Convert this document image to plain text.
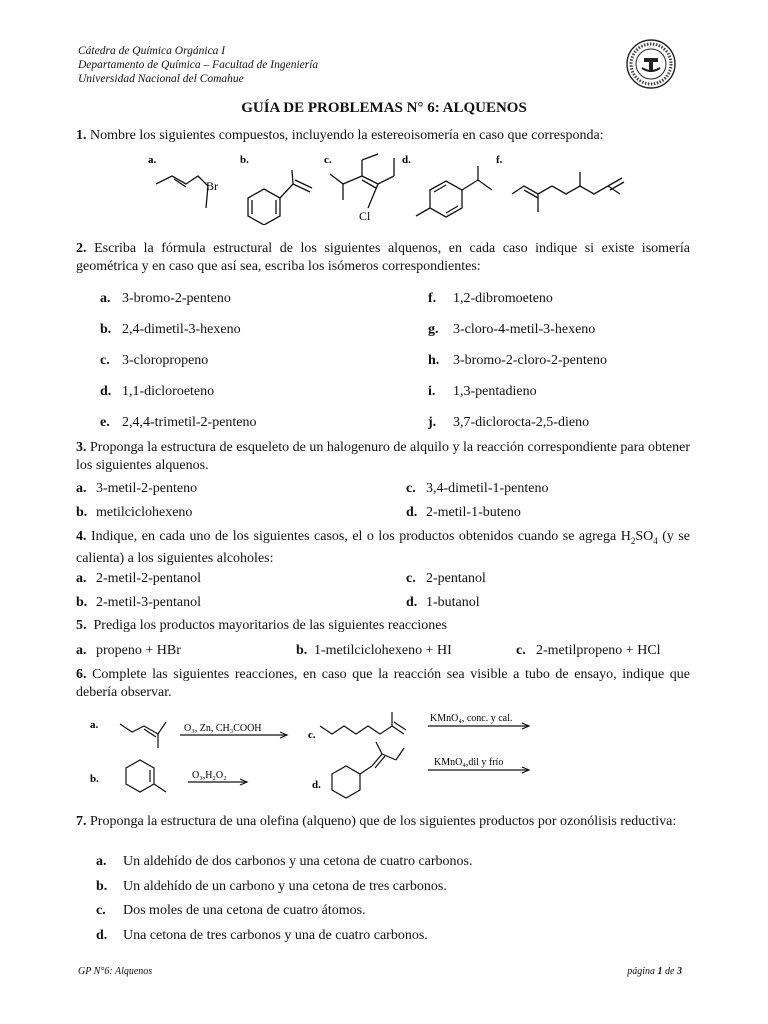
Cátedra de Química Orgánica I
Departamento de Química – Facultad de Ingeniería
Universidad Nacional del Comahue
GUÍA DE PROBLEMAS N° 6: ALQUENOS
1. Nombre los siguientes compuestos, incluyendo la estereoisomería en caso que corresponda:
a.	b.	c.	d.	f.
Br
Cl
2. Escriba la fórmula estructural de los siguientes alquenos, en cada caso indique si existe isomería geométrica y en caso que así sea, escriba los isómeros correspondientes:
a. 3-bromo-2-penteno
b. 2,4-dimetil-3-hexeno
c. 3-cloropropeno
d. 1,1-dicloroeteno
e. 2,4,4-trimetil-2-penteno
f. 1,2-dibromoeteno
g. 3-cloro-4-metil-3-hexeno
h. 3-bromo-2-cloro-2-penteno
i. 1,3-pentadieno
j. 3,7-diclorocta-2,5-dieno
3. Proponga la estructura de esqueleto de un halogenuro de alquilo y la reacción correspondiente para obtener los siguientes alquenos.
a. 3-metil-2-penteno	c. 3,4-dimetil-1-penteno
b. metilciclohexeno	d. 2-metil-1-buteno
4. Indique, en cada uno de los siguientes casos, el o los productos obtenidos cuando se agrega $H_2SO_4$ (y se calienta) a los siguientes alcoholes:
a. 2-metil-2-pentanol	c. 2-pentanol
b. 2-metil-3-pentanol	d. 1-butanol
5. Prediga los productos mayoritarios de las siguientes reacciones
a. propeno + HBr	b. 1-metilciclohexeno + HI	c. 2-metilpropeno + HCl
6. Complete las siguientes reacciones, en caso que la reacción sea visible a tubo de ensayo, indique que debería observar.
a.
b.
c.
d.
O₃, Zn, CH₃COOH
O₃,H₂O₂
KMnO₄, conc. y cal.
KMnO₄,dil y frío
7. Proponga la estructura de una olefina (alqueno) que de los siguientes productos por ozonólisis reductiva:
a. Un aldehído de dos carbonos y una cetona de cuatro carbonos.
b. Un aldehído de un carbono y una cetona de tres carbonos.
c. Dos moles de una cetona de cuatro átomos.
d. Una cetona de tres carbonos y una de cuatro carbonos.
GP N°6: Alquenos	página 1 de 3
